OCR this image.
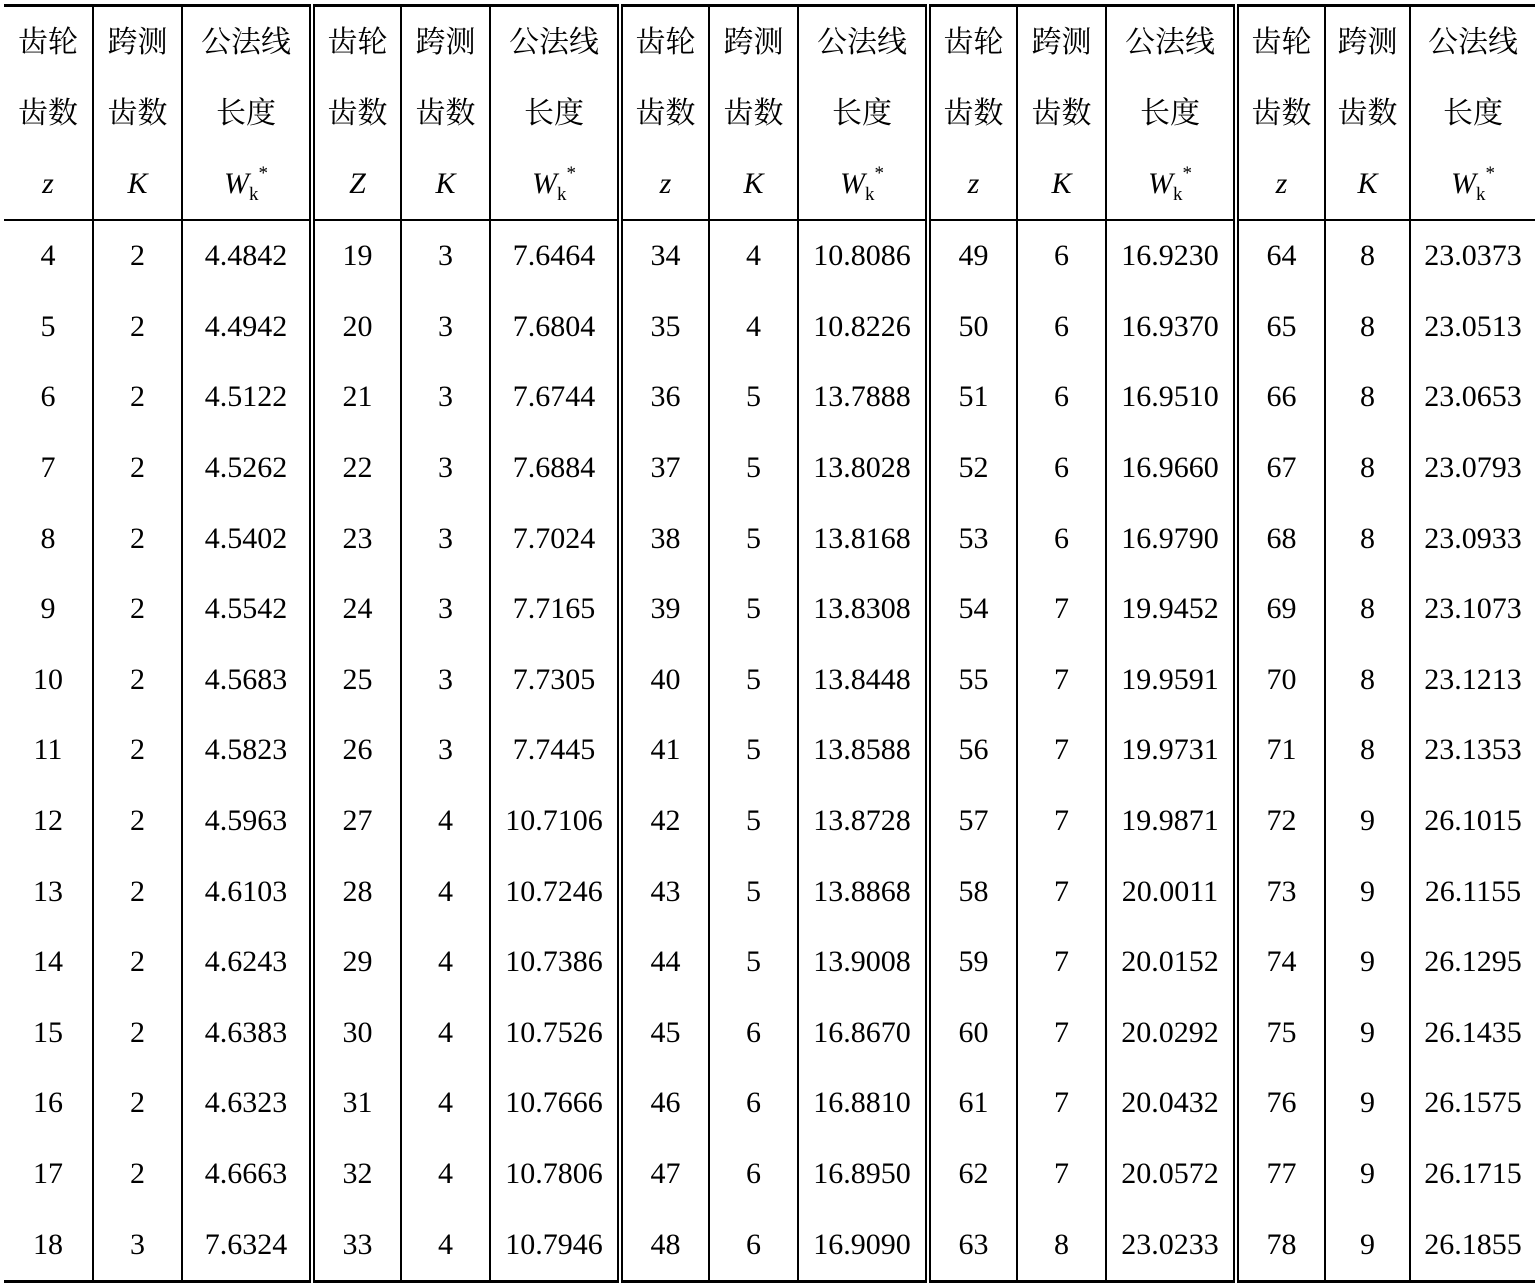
齿轮	跨测	公法线	齿轮	跨测	公法线	齿轮	跨测	公法线	齿轮	跨测	公法线	齿轮	跨测	公法线
齿数	齿数	长度	齿数	齿数	长度	齿数	齿数	长度	齿数	齿数	长度	齿数	齿数	长度
z	K	$W_k^*$	Z	K	$W_k^*$	z	K	$W_k^*$	z	K	$W_k^*$	z	K	$W_k^*$
4	2	4.4842	19	3	7.6464	34	4	10.8086	49	6	16.9230	64	8	23.0373
5	2	4.4942	20	3	7.6804	35	4	10.8226	50	6	16.9370	65	8	23.0513
6	2	4.5122	21	3	7.6744	36	5	13.7888	51	6	16.9510	66	8	23.0653
7	2	4.5262	22	3	7.6884	37	5	13.8028	52	6	16.9660	67	8	23.0793
8	2	4.5402	23	3	7.7024	38	5	13.8168	53	6	16.9790	68	8	23.0933
9	2	4.5542	24	3	7.7165	39	5	13.8308	54	7	19.9452	69	8	23.1073
10	2	4.5683	25	3	7.7305	40	5	13.8448	55	7	19.9591	70	8	23.1213
11	2	4.5823	26	3	7.7445	41	5	13.8588	56	7	19.9731	71	8	23.1353
12	2	4.5963	27	4	10.7106	42	5	13.8728	57	7	19.9871	72	9	26.1015
13	2	4.6103	28	4	10.7246	43	5	13.8868	58	7	20.0011	73	9	26.1155
14	2	4.6243	29	4	10.7386	44	5	13.9008	59	7	20.0152	74	9	26.1295
15	2	4.6383	30	4	10.7526	45	6	16.8670	60	7	20.0292	75	9	26.1435
16	2	4.6323	31	4	10.7666	46	6	16.8810	61	7	20.0432	76	9	26.1575
17	2	4.6663	32	4	10.7806	47	6	16.8950	62	7	20.0572	77	9	26.1715
18	3	7.6324	33	4	10.7946	48	6	16.9090	63	8	23.0233	78	9	26.1855
